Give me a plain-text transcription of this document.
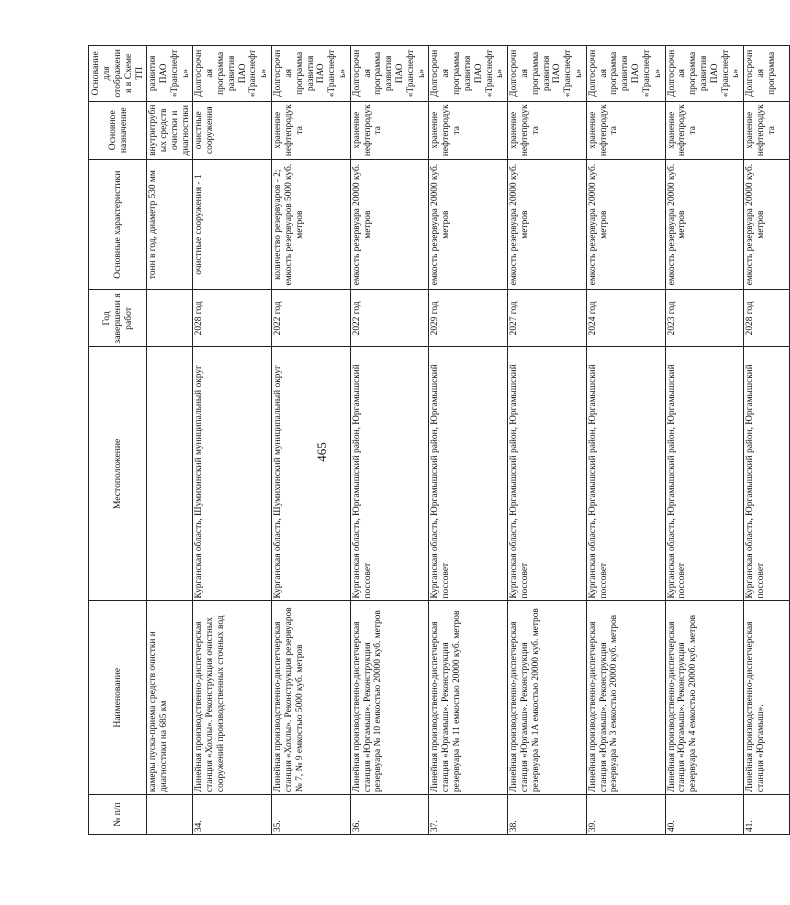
465
№ п/п	Наименование	Местоположение	Год завершени я работ	Основные характеристики	Основное назначение	Основание для отображения в Схеме ТП
	камеры пуска-приема средств очистки и диагностики на 685 км			тонн в год, диаметр 530 мм	внутритрубных средств очистки и диагностики	развития ПАО «Транснефть»
34.	Линейная производственно-диспетчерская станция «Хохлы». Реконструкция очистных сооружений производственных сточных вод	Курганская область, Шумихинский муниципальный округ	2028 год	очистные сооружения - 1	очистные сооружения	Долгосрочная программа развития ПАО «Транснефть»
35.	Линейная производственно-диспетчерская станция «Хохлы». Реконструкция резервуаров № 7, № 9 емкостью 5000 куб. метров	Курганская область, Шумихинский муниципальный округ	2022 год	количество резервуаров - 2; емкость резервуаров 5000 куб. метров	хранение нефтепродукта	Долгосрочная программа развития ПАО «Транснефть»
36.	Линейная производственно-диспетчерская станция «Юргамыш». Реконструкция резервуара № 10 емкостью 20000 куб. метров	Курганская область, Юргамышский район, Юргамышский поссовет	2022 год	емкость резервуара 20000 куб. метров	хранение нефтепродукта	Долгосрочная программа развития ПАО «Транснефть»
37.	Линейная производственно-диспетчерская станция «Юргамыш». Реконструкция резервуара № 11 емкостью 20000 куб. метров	Курганская область, Юргамышский район, Юргамышский поссовет	2029 год	емкость резервуара 20000 куб. метров	хранение нефтепродукта	Долгосрочная программа развития ПАО «Транснефть»
38.	Линейная производственно-диспетчерская станция «Юргамыш». Реконструкция резервуара № 1А емкостью 20000 куб. метров	Курганская область, Юргамышский район, Юргамышский поссовет	2027 год	емкость резервуара 20000 куб. метров	хранение нефтепродукта	Долгосрочная программа развития ПАО «Транснефть»
39.	Линейная производственно-диспетчерская станция «Юргамыш». Реконструкция резервуара № 3 емкостью 20000 куб. метров	Курганская область, Юргамышский район, Юргамышский поссовет	2024 год	емкость резервуара 20000 куб. метров	хранение нефтепродукта	Долгосрочная программа развития ПАО «Транснефть»
40.	Линейная производственно-диспетчерская станция «Юргамыш». Реконструкция резервуара № 4 емкостью 20000 куб. метров	Курганская область, Юргамышский район, Юргамышский поссовет	2023 год	емкость резервуара 20000 куб. метров	хранение нефтепродукта	Долгосрочная программа развития ПАО «Транснефть»
41.	Линейная производственно-диспетчерская станция «Юргамыш».	Курганская область, Юргамышский район, Юргамышский поссовет	2028 год	емкость резервуара 20000 куб. метров	хранение нефтепродукта	Долгосрочная программа
